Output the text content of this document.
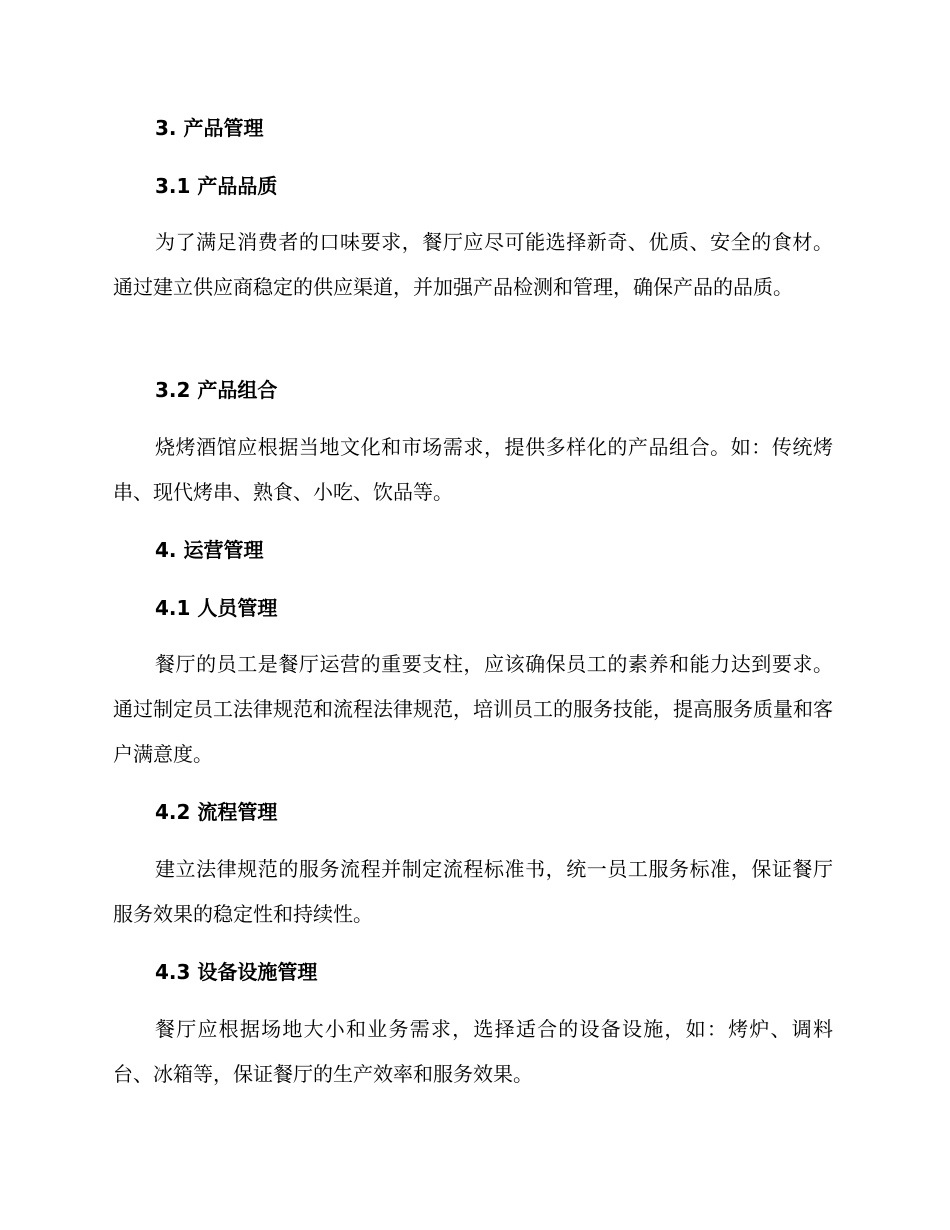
3. 产品管理
3.1 产品品质
为了满足消费者的口味要求，餐厅应尽可能选择新奇、优质、安全的食材。通过建立供应商稳定的供应渠道，并加强产品检测和管理，确保产品的品质。
3.2 产品组合
烧烤酒馆应根据当地文化和市场需求，提供多样化的产品组合。如：传统烤串、现代烤串、熟食、小吃、饮品等。
4. 运营管理
4.1 人员管理
餐厅的员工是餐厅运营的重要支柱，应该确保员工的素养和能力达到要求。通过制定员工法律规范和流程法律规范，培训员工的服务技能，提高服务质量和客户满意度。
4.2 流程管理
建立法律规范的服务流程并制定流程标准书，统一员工服务标准，保证餐厅服务效果的稳定性和持续性。
4.3 设备设施管理
餐厅应根据场地大小和业务需求，选择适合的设备设施，如：烤炉、调料台、冰箱等，保证餐厅的生产效率和服务效果。
